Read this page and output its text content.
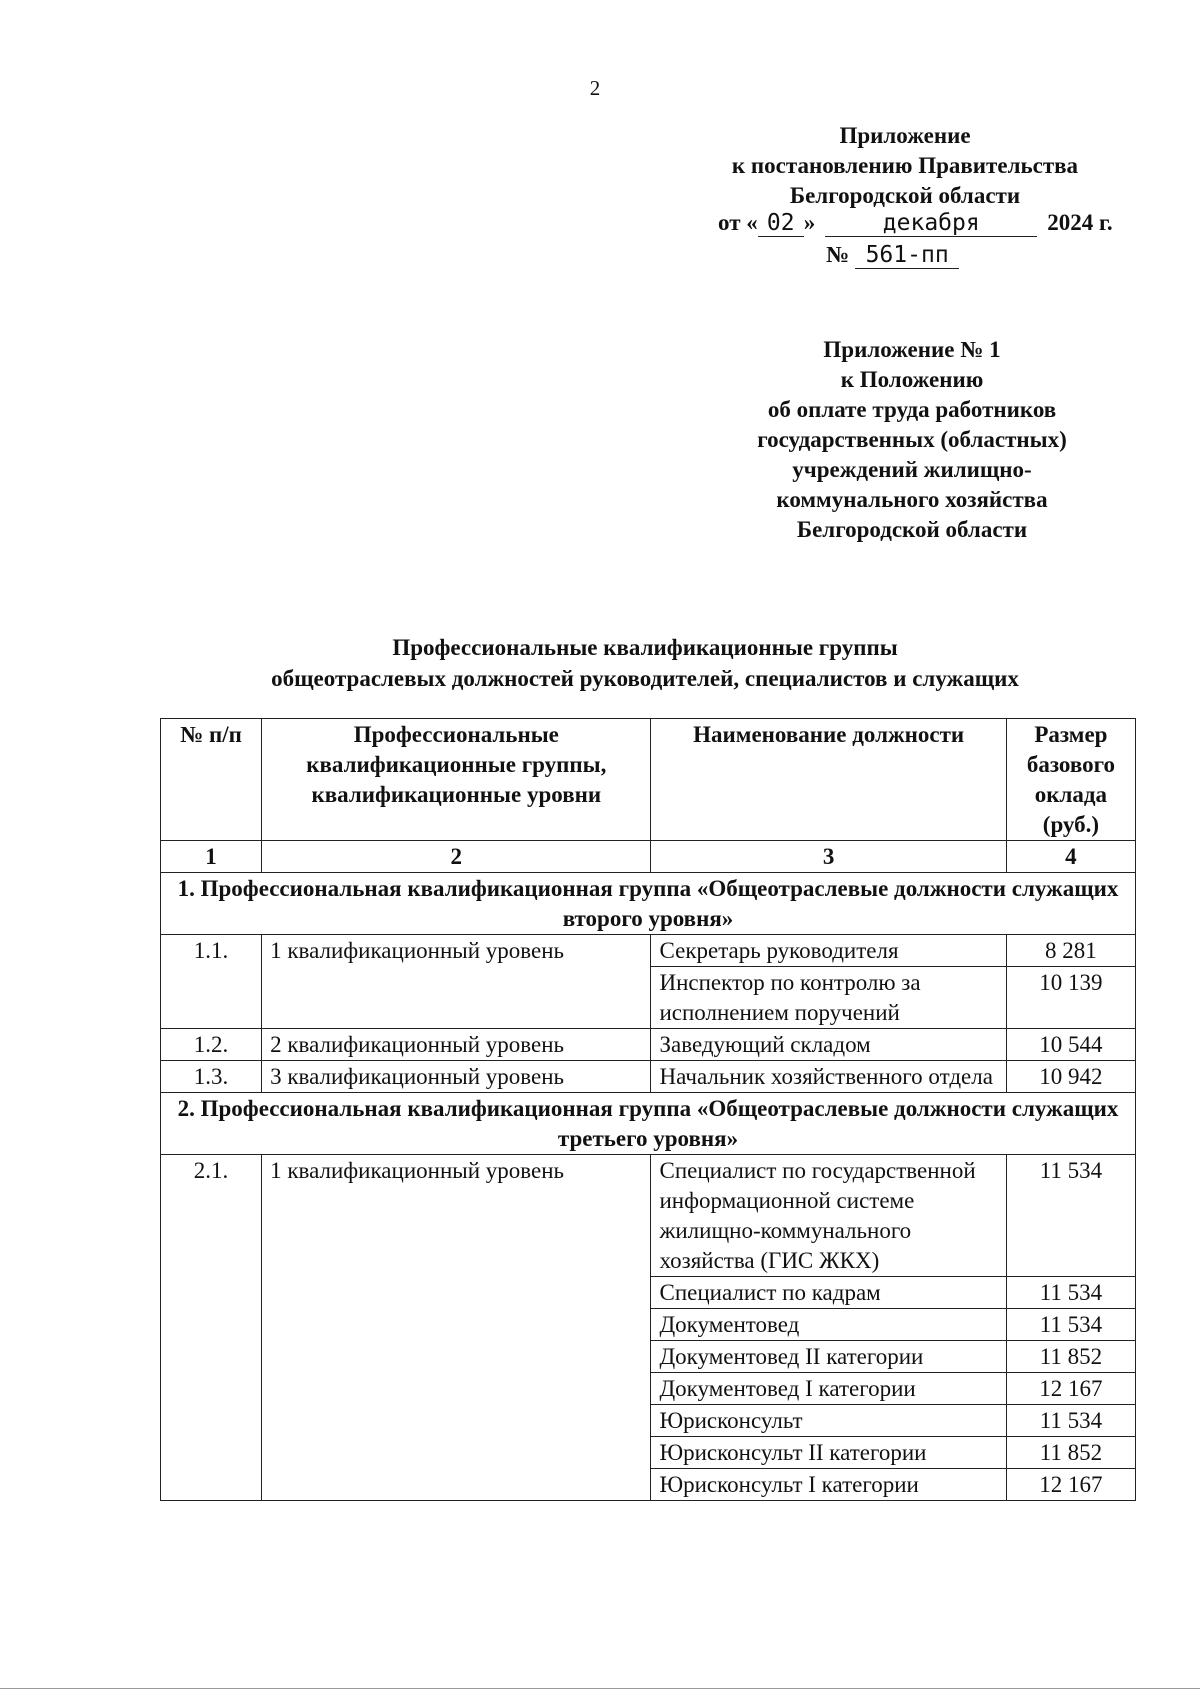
2
Приложение
к постановлению Правительства
Белгородской области
от « 02 »	декабря	2024 г.
№ 561-пп
Приложение № 1
к Положению
об оплате труда работников
государственных (областных)
учреждений жилищно-
коммунального хозяйства
Белгородской области
Профессиональные квалификационные группы
общеотраслевых должностей руководителей, специалистов и служащих
№ п/п	Профессиональные квалификационные группы, квалификационные уровни	Наименование должности	Размер базового оклада (руб.)
1	2	3	4
1. Профессиональная квалификационная группа «Общеотраслевые должности служащих второго уровня»			
1.1.	1 квалификационный уровень	Секретарь руководителя	8 281
		Инспектор по контролю за исполнением поручений	10 139
1.2.	2 квалификационный уровень	Заведующий складом	10 544
1.3.	3 квалификационный уровень	Начальник хозяйственного отдела	10 942
2. Профессиональная квалификационная группа «Общеотраслевые должности служащих третьего уровня»			
2.1.	1 квалификационный уровень	Специалист по государственной информационной системе жилищно-коммунального хозяйства (ГИС ЖКХ)	11 534
		Специалист по кадрам	11 534
		Документовед	11 534
		Документовед II категории	11 852
		Документовед I категории	12 167
		Юрисконсульт	11 534
		Юрисконсульт II категории	11 852
		Юрисконсульт I категории	12 167
